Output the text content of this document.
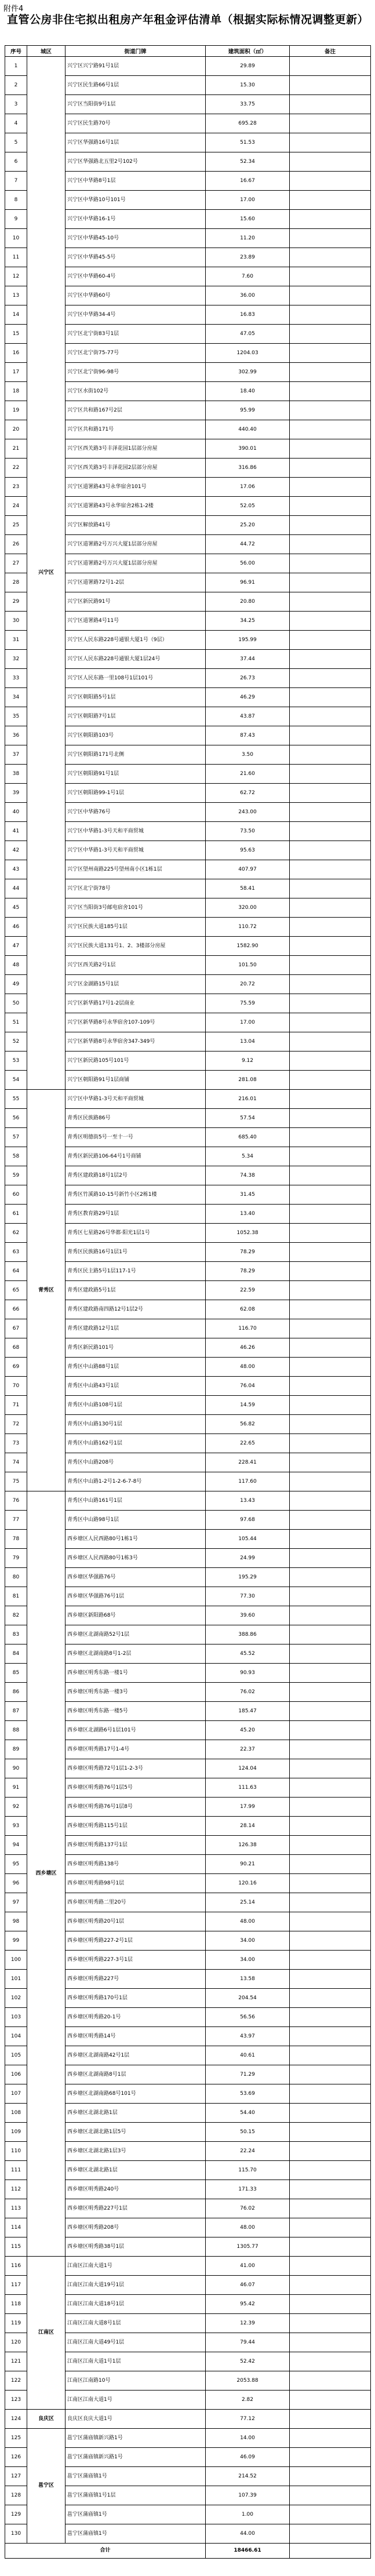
附件4
直管公房非住宅拟出租房产年租金评估清单（根据实际标情况调整更新）
序号	城区	街道门牌	建筑面积（㎡）	备注
1	兴宁区	兴宁区兴宁路91号1层	29.89	
2		兴宁区民生路66号1层	15.30	
3		兴宁区当阳街9号1层	33.75	
4		兴宁区民生路70号	695.28	
5		兴宁区华强路16号1层	51.53	
6		兴宁区华强路北五里2号102号	52.34	
7		兴宁区中华路8号1层	16.67	
8		兴宁区中华路10号101号	17.00	
9		兴宁区中华路16-1号	15.60	
10		兴宁区中华路45-10号	11.20	
11		兴宁区中华路45-5号	23.89	
12		兴宁区中华路60-4号	7.60	
13		兴宁区中华路60号	36.00	
14		兴宁区中华路34-4号	16.83	
15		兴宁区北宁街83号1层	47.05	
16		兴宁区北宁街75-77号	1204.03	
17		兴宁区北宁街96-98号	302.99	
18		兴宁区水街102号	18.40	
19		兴宁区共和路167号2层	95.99	
20		兴宁区共和路171号	440.40	
21		兴宁区西关路3号丰泽花园1层部分房屋	390.01	
22		兴宁区西关路3号丰泽花园2层部分房屋	316.86	
23		兴宁区道署路43号永华宿舍101号	17.06	
24		兴宁区道署路43号永华宿舍2栋1-2楼	52.05	
25		兴宁区解放路41号	25.20	
26		兴宁区道署路2号万兴大厦1层部分房屋	44.72	
27		兴宁区道署路2号万兴大厦1层部分房屋	56.00	
28		兴宁区道署路72号1-2层	96.91	
29		兴宁区新民路91号	20.80	
30		兴宁区道署路4号11号	34.25	
31		兴宁区人民东路228号通银大厦1号（9层）	195.99	
32		兴宁区人民东路228号通银大厦1层24号	37.44	
33		兴宁区人民东路一里108号1层101号	26.73	
34		兴宁区朝阳路5号1层	46.29	
35		兴宁区朝阳路7号1层	43.87	
36		兴宁区朝阳路103号	87.43	
37		兴宁区朝阳路171号北侧	3.50	
38		兴宁区朝阳路91号1层	21.60	
39		兴宁区朝阳路99-1号1层	62.72	
40		兴宁区中华路76号	243.00	
41		兴宁区中华路1-3号天和平商贸城	73.50	
42		兴宁区中华路1-3号天和平商贸城	95.63	
43		兴宁区望州南路225号望州南小区1栋1层	407.97	
44		兴宁区北宁街78号	58.41	
45		兴宁区当阳街3号邮电宿舍101号	320.00	
46		兴宁区民族大道185号1层	110.72	
47		兴宁区民族大道131号1、2、3楼部分房屋	1582.90	
48		兴宁区西关路2号1层	101.50	
49		兴宁区金湖路15号1层	20.72	
50		兴宁区新华路17号1-2层商业	75.59	
51		兴宁区新华路8号永华宿舍107-109号	17.00	
52		兴宁区新华路8号永华宿舍347-349号	13.04	
53		兴宁区新民路105号101号	9.12	
54		兴宁区朝阳路91号1层商铺	281.08	
55	青秀区	兴宁区中华路1-3号天和平商贸城	216.01	
56		青秀区民族路86号	57.54	
57		青秀区明德街5号一至十一号	685.40	
58		青秀区新民路106-64号1号商铺	5.34	
59		青秀区建政路18号1层2号	74.38	
60		青秀区竹溪路10-15号新竹小区2栋1楼	31.45	
61		青秀区教育路29号1层	13.40	
62		青秀区七星路26号华都·阳光1层1号	1052.38	
63		青秀区民族路16号1层1号	78.29	
64		青秀区民主路5号1层117-1号	78.29	
65		青秀区建政路5号1层	22.59	
66		青秀区建政路南四路12号1层2号	62.08	
67		青秀区建政路12号1层	116.70	
68		青秀区新民路101号	46.26	
69		青秀区中山路88号1层	48.00	
70		青秀区中山路43号1层	76.04	
71		青秀区中山路108号1层	14.59	
72		青秀区中山路130号1层	56.82	
73		青秀区中山路162号1层	22.65	
74		青秀区中山路208号	228.41	
75		青秀区中山路1-2号1-2-6-7-8号	117.60	
76	西乡塘区	青秀区中山路161号1层	13.43	
77		青秀区中山路98号1层	97.68	
78		西乡塘区人民西路80号1栋1号	105.44	
79		西乡塘区人民西路80号1栋3号	24.99	
80		西乡塘区华强路76号	195.29	
81		西乡塘区华强路76号1层	77.30	
82		西乡塘区新阳路68号	39.60	
83		西乡塘区北湖南路52号1层	388.86	
84		西乡塘区北湖南路8号1-2层	45.52	
85		西乡塘区明秀东路一楼1号	90.93	
86		西乡塘区明秀东路一楼3号	76.02	
87		西乡塘区明秀东路一楼5号	185.47	
88		西乡塘区北湖路6号1层101号	45.20	
89		西乡塘区明秀路17号1-4号	22.37	
90		西乡塘区明秀路72号1层1-2-3号	124.04	
91		西乡塘区明秀路76号1层5号	111.63	
92		西乡塘区明秀路76号1层8号	17.99	
93		西乡塘区明秀路115号1层	28.14	
94		西乡塘区明秀路137号1层	126.38	
95		西乡塘区明秀路138号	90.21	
96		西乡塘区明秀路98号1层	120.16	
97		西乡塘区明秀路二里20号	25.14	
98		西乡塘区明秀路20号1层	48.00	
99		西乡塘区明秀路227-2号1层	34.00	
100		西乡塘区明秀路227-3号1层	34.00	
101		西乡塘区明秀路227号	13.58	
102		西乡塘区明秀路170号1层	204.54	
103		西乡塘区明秀路20-1号	56.56	
104		西乡塘区明秀路14号	43.97	
105		西乡塘区北湖南路42号1层	40.61	
106		西乡塘区北湖南路8号1层	71.29	
107		西乡塘区北湖南路68号101号	53.69	
108		西乡塘区北湖北路1层	54.40	
109		西乡塘区北湖北路1层5号	50.15	
110		西乡塘区北湖北路1层3号	22.24	
111		西乡塘区北湖北路1层	115.70	
112		西乡塘区明秀路240号	171.33	
113		西乡塘区明秀路227号1层	76.02	
114		西乡塘区明秀路208号	48.00	
115		西乡塘区明秀路38号1层	1305.77	
116	江南区	江南区江南大道1号	41.00	
117		江南区江南大道19号1层	46.07	
118		江南区江南大道18号1层	95.42	
119		江南区江南大道8号1层	12.39	
120		江南区江南大道49号1层	79.44	
121		江南区江南大道1号1层	52.42	
122		江南区江南路10号	2053.88	
123		江南区江南大道1号	2.82	
124	良庆区	良庆区良庆大道1号	77.12	
125	邕宁区	邕宁区蒲庙镇新兴路1号	14.00	
126		邕宁区蒲庙镇新兴路1号	46.09	
127		邕宁区蒲庙镇1号	214.52	
128		邕宁区蒲庙镇1号1层	107.39	
129		邕宁区蒲庙镇1号	1.00	
130		邕宁区蒲庙镇1号	44.00	
合计			18466.61	
